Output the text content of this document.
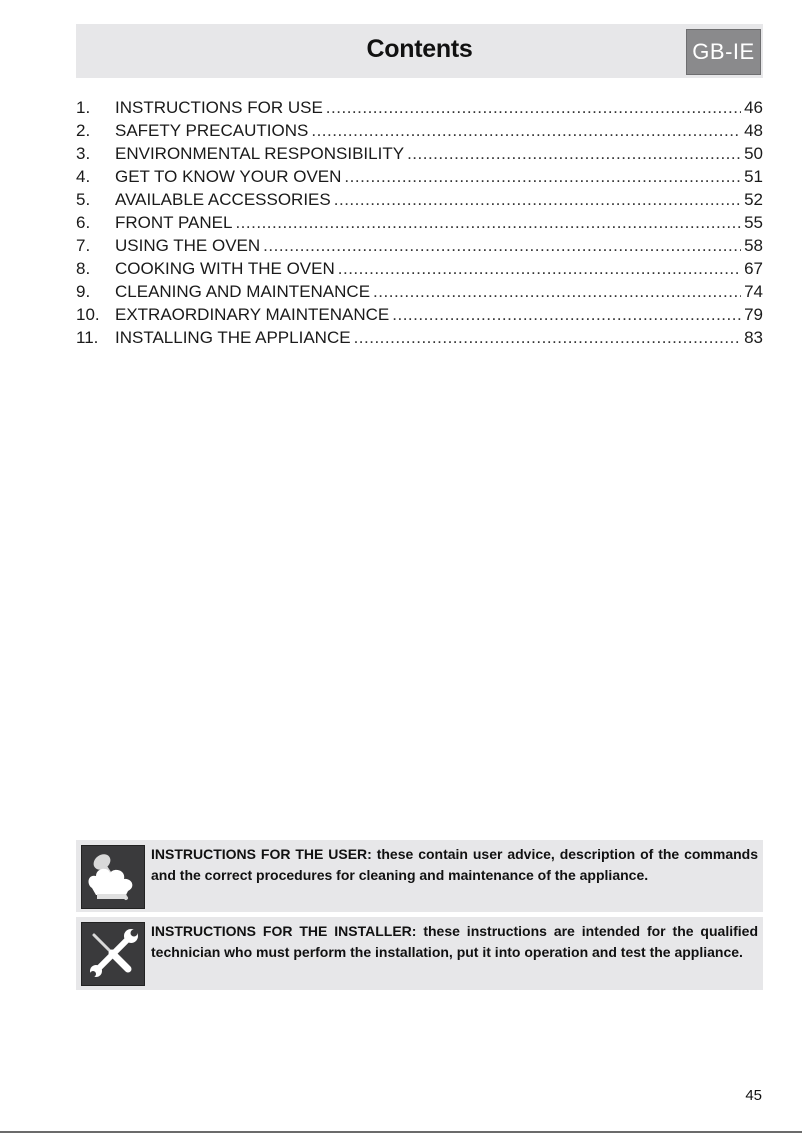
Contents	GB-IE
1.	INSTRUCTIONS FOR USE .....	46
2.	SAFETY PRECAUTIONS .....	48
3.	ENVIRONMENTAL RESPONSIBILITY .....	50
4.	GET TO KNOW YOUR OVEN .....	51
5.	AVAILABLE ACCESSORIES .....	52
6.	FRONT PANEL .....	55
7.	USING THE OVEN .....	58
8.	COOKING WITH THE OVEN .....	67
9.	CLEANING AND MAINTENANCE .....	74
10. EXTRAORDINARY MAINTENANCE .....	79
11. INSTALLING THE APPLIANCE .....	83
INSTRUCTIONS FOR THE USER: these contain user advice, description of the commands and the correct procedures for cleaning and maintenance of the appliance.
INSTRUCTIONS FOR THE INSTALLER: these instructions are intended for the qualified technician who must perform the installation, put it into operation and test the appliance.
45
